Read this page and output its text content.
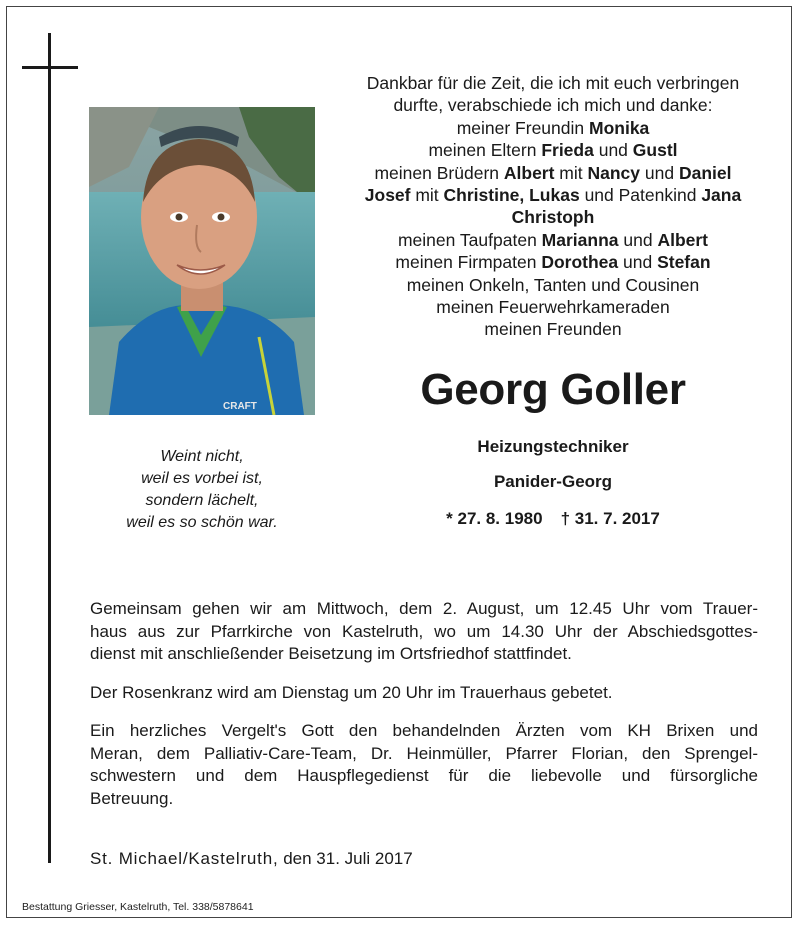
CRAFT
Weint nicht,
weil es vorbei ist,
sondern lächelt,
weil es so schön war.
Dankbar für die Zeit, die ich mit euch verbringen
durfte, verabschiede ich mich und danke:
meiner Freundin Monika
meinen Eltern Frieda und Gustl
meinen Brüdern Albert mit Nancy und Daniel
Josef mit Christine, Lukas und Patenkind Jana
Christoph
meinen Taufpaten Marianna und Albert
meinen Firmpaten Dorothea und Stefan
meinen Onkeln, Tanten und Cousinen
meinen Feuerwehrkameraden
meinen Freunden
Georg Goller
Heizungstechniker
Panider-Georg
* 27. 8. 1980 † 31. 7. 2017
Gemeinsam gehen wir am Mittwoch, dem 2. August, um 12.45 Uhr vom Trauer-
haus aus zur Pfarrkirche von Kastelruth, wo um 14.30 Uhr der Abschiedsgottes-
dienst mit anschließender Beisetzung im Ortsfriedhof stattfindet.
Der Rosenkranz wird am Dienstag um 20 Uhr im Trauerhaus gebetet.
Ein herzliches Vergelt's Gott den behandelnden Ärzten vom KH Brixen und
Meran, dem Palliativ-Care-Team, Dr. Heinmüller, Pfarrer Florian, den Sprengel-
schwestern und dem Hauspflegedienst für die liebevolle und fürsorgliche
Betreuung.
St. Michael/Kastelruth, den 31. Juli 2017
Bestattung Griesser, Kastelruth, Tel. 338/5878641
